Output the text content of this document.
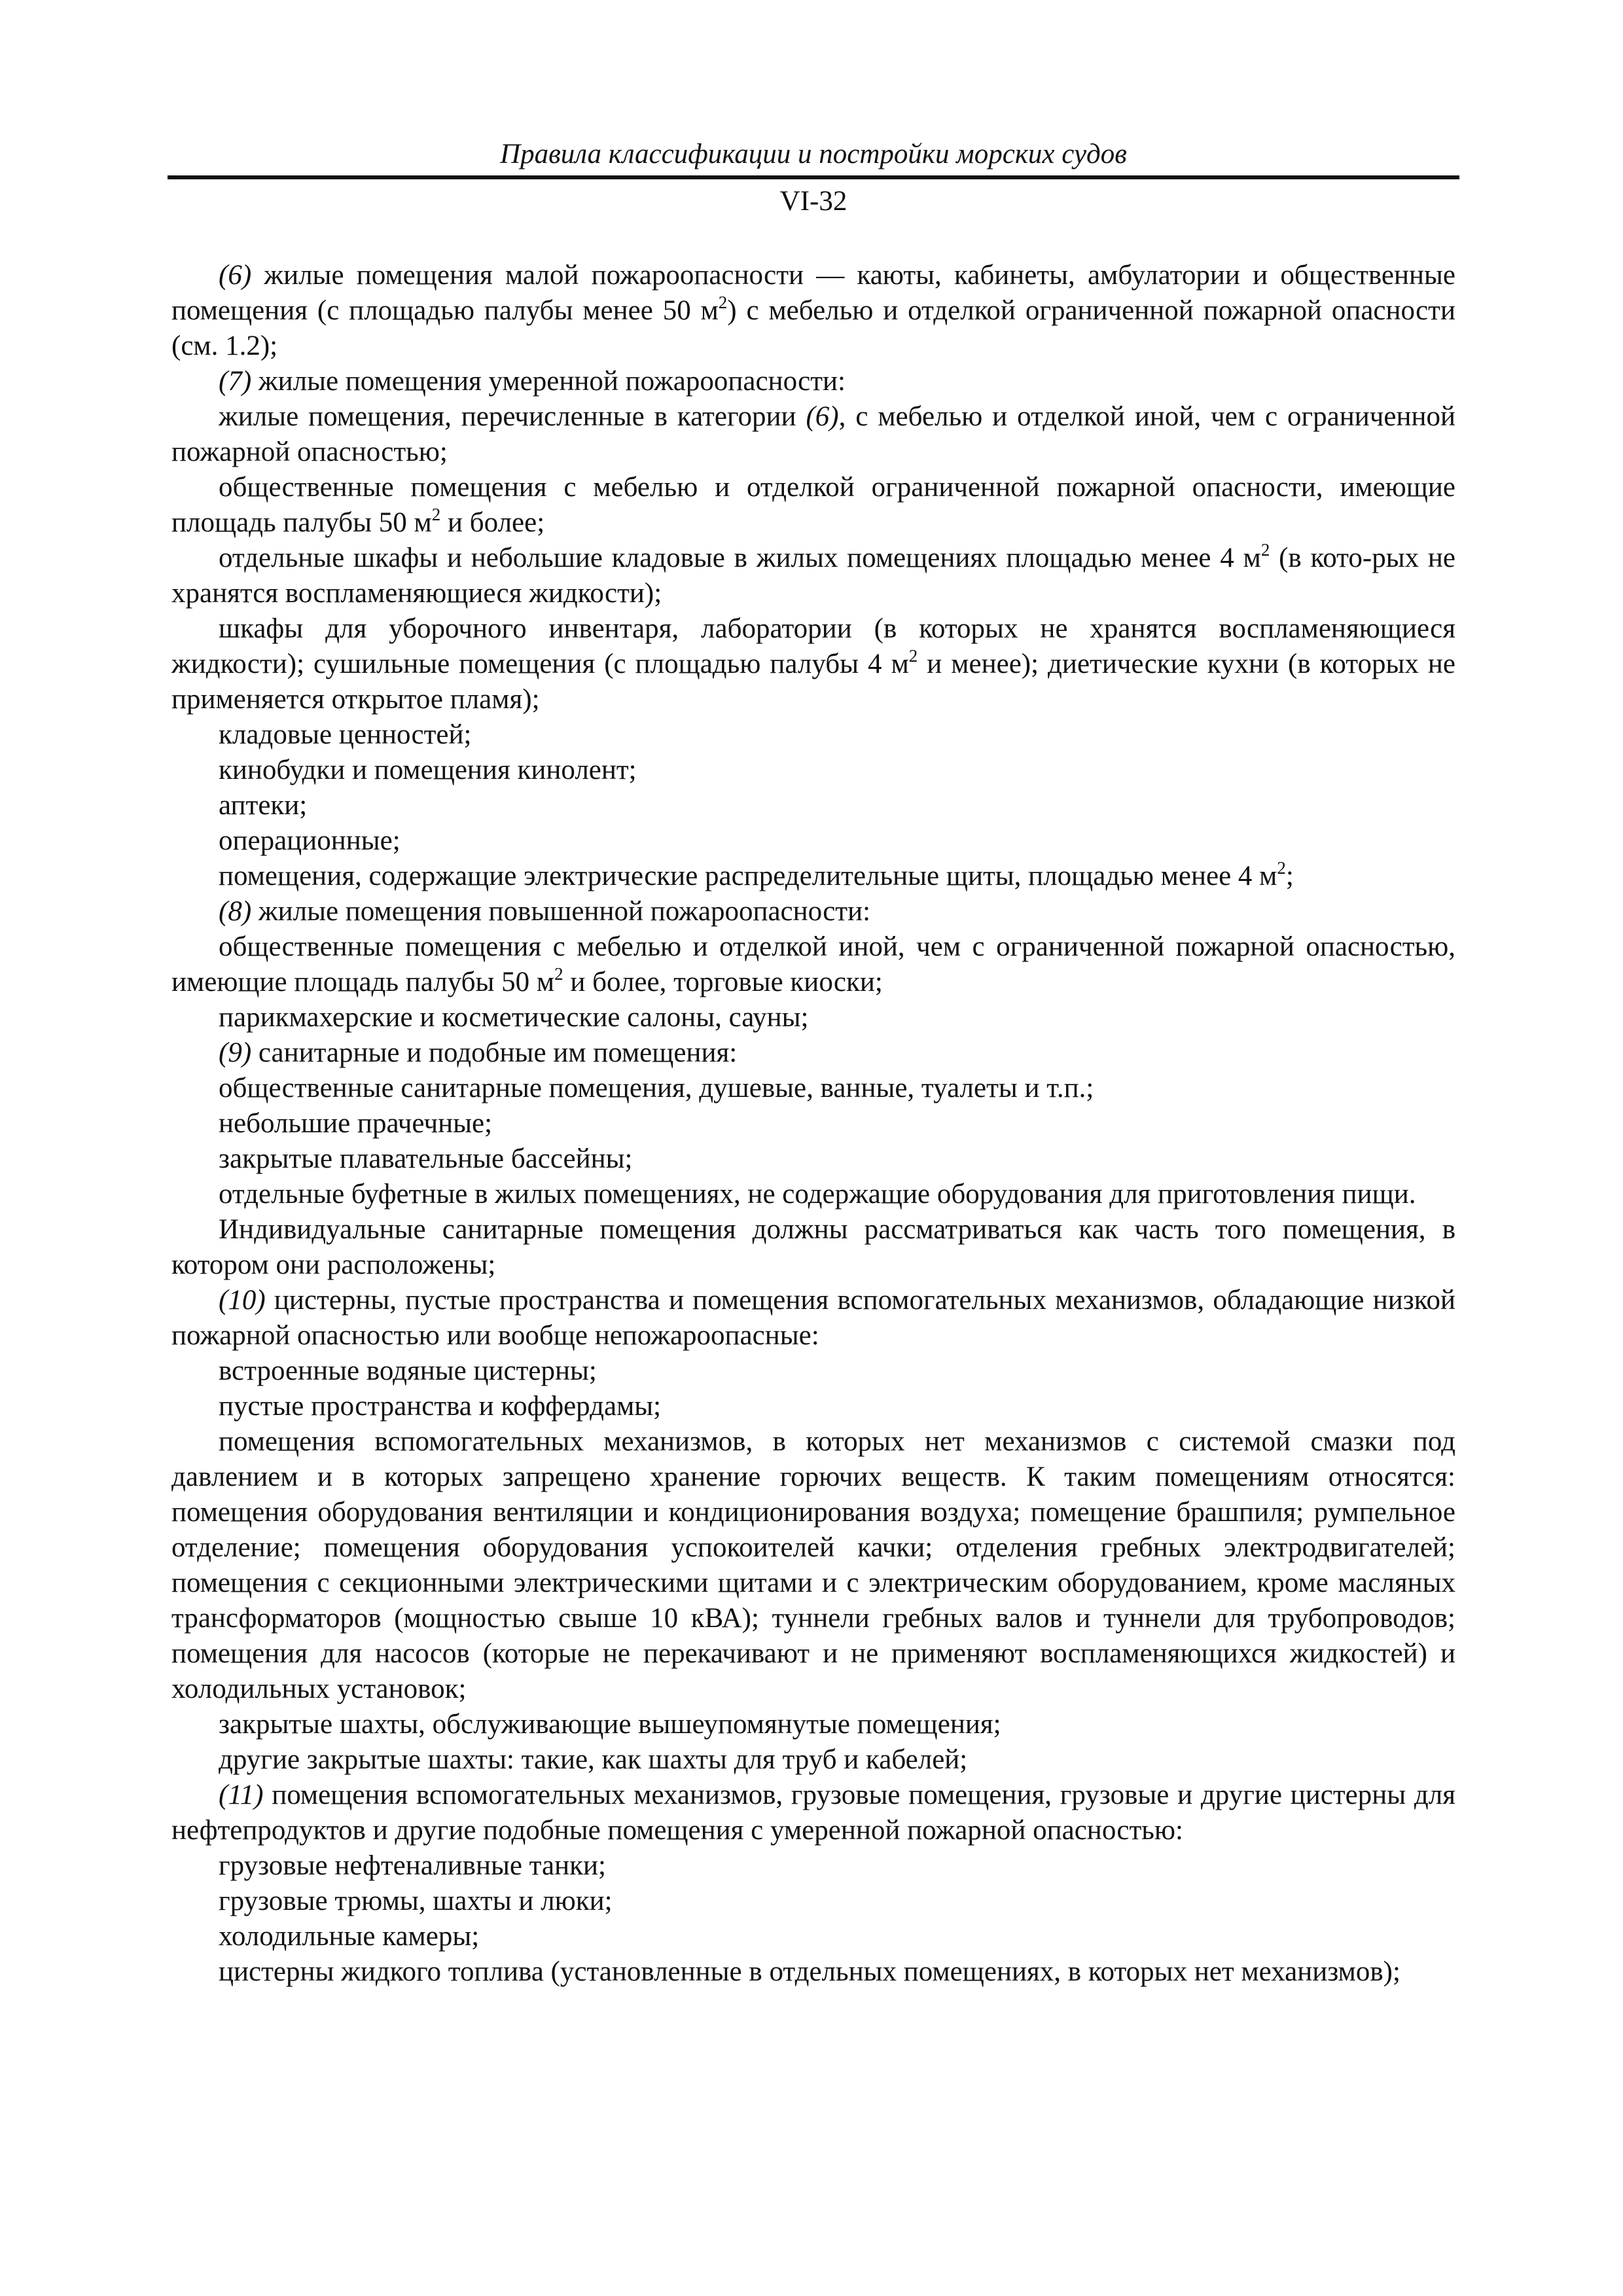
Правила классификации и постройки морских судов
VI-32

(6) жилые помещения малой пожароопасности — каюты, кабинеты, амбулатории и общественные помещения (с площадью палубы менее 50 $м^2$) с мебелью и отделкой ограниченной пожарной опасности (см. 1.2);

(7) жилые помещения умеренной пожароопасности:

жилые помещения, перечисленные в категории (6), с мебелью и отделкой иной, чем с ограниченной пожарной опасностью;

общественные помещения с мебелью и отделкой ограниченной пожарной опасности, имеющие площадь палубы 50 $м^2$ и более;

отдельные шкафы и небольшие кладовые в жилых помещениях площадью менее 4 $м^2$ (в кото-рых не хранятся воспламеняющиеся жидкости);

шкафы для уборочного инвентаря, лаборатории (в которых не хранятся воспламеняющиеся жидкости); сушильные помещения (с площадью палубы 4 $м^2$ и менее); диетические кухни (в которых не применяется открытое пламя);

кладовые ценностей;

кинобудки и помещения кинолент;

аптеки;

операционные;

помещения, содержащие электрические распределительные щиты, площадью менее 4 $м^2$;

(8) жилые помещения повышенной пожароопасности:

общественные помещения с мебелью и отделкой иной, чем с ограниченной пожарной опасностью, имеющие площадь палубы 50 $м^2$ и более, торговые киоски;

парикмахерские и косметические салоны, сауны;

(9) санитарные и подобные им помещения:

общественные санитарные помещения, душевые, ванные, туалеты и т.п.;

небольшие прачечные;

закрытые плавательные бассейны;

отдельные буфетные в жилых помещениях, не содержащие оборудования для приготовления пищи.

Индивидуальные санитарные помещения должны рассматриваться как часть того помещения, в котором они расположены;

(10) цистерны, пустые пространства и помещения вспомогательных механизмов, обладающие низкой пожарной опасностью или вообще непожароопасные:

встроенные водяные цистерны;

пустые пространства и коффердамы;

помещения вспомогательных механизмов, в которых нет механизмов с системой смазки под давлением и в которых запрещено хранение горючих веществ. К таким помещениям относятся: помещения оборудования вентиляции и кондиционирования воздуха; помещение брашпиля; румпельное отделение; помещения оборудования успокоителей качки; отделения гребных электродвигателей; помещения с секционными электрическими щитами и с электрическим оборудованием, кроме масляных трансформаторов (мощностью свыше 10 кВА); туннели гребных валов и туннели для трубопроводов; помещения для насосов (которые не перекачивают и не применяют воспламеняющихся жидкостей) и холодильных установок;

закрытые шахты, обслуживающие вышеупомянутые помещения;

другие закрытые шахты: такие, как шахты для труб и кабелей;

(11) помещения вспомогательных механизмов, грузовые помещения, грузовые и другие цистерны для нефтепродуктов и другие подобные помещения с умеренной пожарной опасностью:

грузовые нефтеналивные танки;

грузовые трюмы, шахты и люки;

холодильные камеры;

цистерны жидкого топлива (установленные в отдельных помещениях, в которых нет механизмов);
